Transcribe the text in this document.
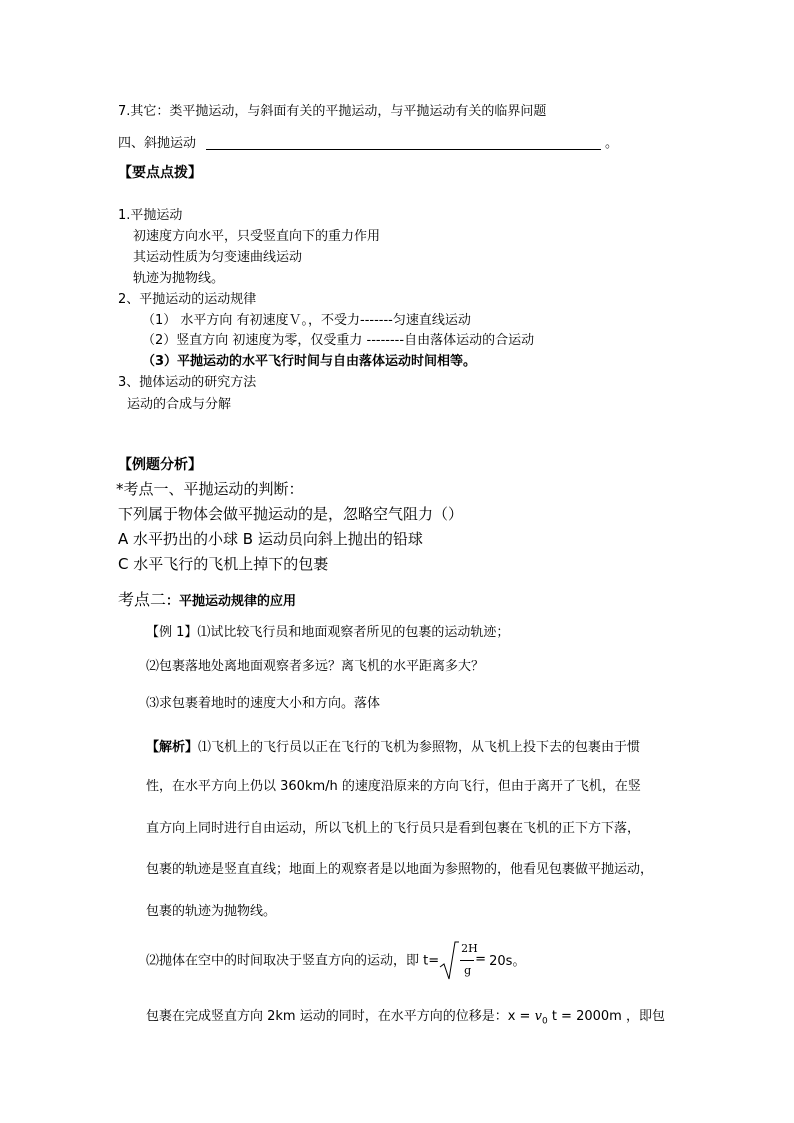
7.其它：类平抛运动，与斜面有关的平抛运动，与平抛运动有关的临界问题
四、斜抛运动	。
【要点点拨】
1.平抛运动
初速度方向水平，只受竖直向下的重力作用
其运动性质为匀变速曲线运动
轨迹为抛物线。
2、平抛运动的运动规律
（1） 水平方向 有初速度Ｖ。，不受力-------匀速直线运动
（2）竖直方向 初速度为零，仅受重力 --------自由落体运动的合运动
（3）平抛运动的水平飞行时间与自由落体运动时间相等。
3、抛体运动的研究方法
运动的合成与分解
【例题分析】
*考点一、平抛运动的判断：
下列属于物体会做平抛运动的是，忽略空气阻力（）
A 水平扔出的小球 B 运动员向斜上抛出的铅球
C 水平飞行的飞机上掉下的包裹
考点二：平抛运动规律的应用
【例 1】⑴试比较飞行员和地面观察者所见的包裹的运动轨迹；
⑵包裹落地处离地面观察者多远？离飞机的水平距离多大？
⑶求包裹着地时的速度大小和方向。落体
【解析】⑴飞机上的飞行员以正在飞行的飞机为参照物，从飞机上投下去的包裹由于惯
性，在水平方向上仍以 360km/h 的速度沿原来的方向飞行，但由于离开了飞机，在竖
直方向上同时进行自由运动，所以飞机上的飞行员只是看到包裹在飞机的正下方下落，
包裹的轨迹是竖直直线；地面上的观察者是以地面为参照物的，他看见包裹做平抛运动，
包裹的轨迹为抛物线。
⑵抛体在空中的时间取决于竖直方向的运动，即 t=
2H
g
= 20s。
包裹在完成竖直方向 2km 运动的同时，在水平方向的位移是：$x = v_0$ t = 2000m ，即包
